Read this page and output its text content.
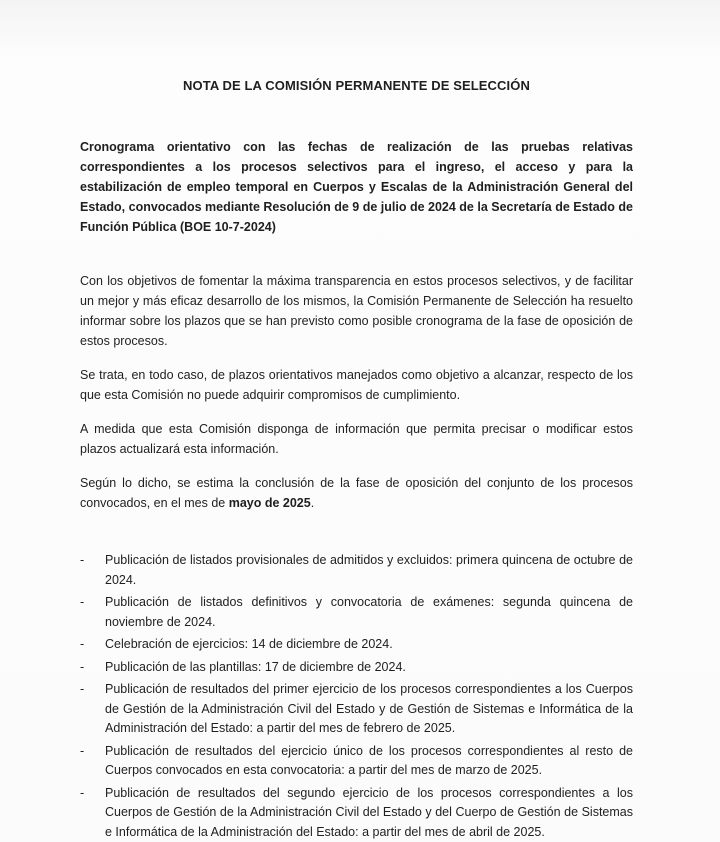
NOTA DE LA COMISIÓN PERMANENTE DE SELECCIÓN

Cronograma orientativo con las fechas de realización de las pruebas relativas correspondientes a los procesos selectivos para el ingreso, el acceso y para la estabilización de empleo temporal en Cuerpos y Escalas de la Administración General del Estado, convocados mediante Resolución de 9 de julio de 2024 de la Secretaría de Estado de Función Pública (BOE 10-7-2024)

Con los objetivos de fomentar la máxima transparencia en estos procesos selectivos, y de facilitar un mejor y más eficaz desarrollo de los mismos, la Comisión Permanente de Selección ha resuelto informar sobre los plazos que se han previsto como posible cronograma de la fase de oposición de estos procesos.

Se trata, en todo caso, de plazos orientativos manejados como objetivo a alcanzar, respecto de los que esta Comisión no puede adquirir compromisos de cumplimiento.

A medida que esta Comisión disponga de información que permita precisar o modificar estos plazos actualizará esta información.

Según lo dicho, se estima la conclusión de la fase de oposición del conjunto de los procesos convocados, en el mes de mayo de 2025.

- Publicación de listados provisionales de admitidos y excluidos: primera quincena de octubre de 2024.
- Publicación de listados definitivos y convocatoria de exámenes: segunda quincena de noviembre de 2024.
- Celebración de ejercicios: 14 de diciembre de 2024.
- Publicación de las plantillas: 17 de diciembre de 2024.
- Publicación de resultados del primer ejercicio de los procesos correspondientes a los Cuerpos de Gestión de la Administración Civil del Estado y de Gestión de Sistemas e Informática de la Administración del Estado: a partir del mes de febrero de 2025.
- Publicación de resultados del ejercicio único de los procesos correspondientes al resto de Cuerpos convocados en esta convocatoria: a partir del mes de marzo de 2025.
- Publicación de resultados del segundo ejercicio de los procesos correspondientes a los Cuerpos de Gestión de la Administración Civil del Estado y del Cuerpo de Gestión de Sistemas e Informática de la Administración del Estado: a partir del mes de abril de 2025.
